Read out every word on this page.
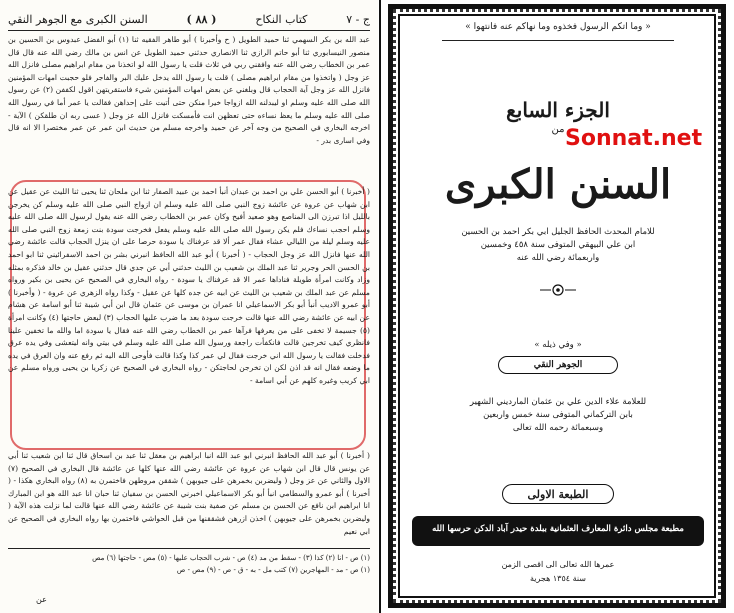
ج - ٧
كتاب النكاح
( ٨٨ )
السنن الكبرى مع الجوهر النقي

عبد الله بن بكر السهمي ثنا حميد الطويل ( ح وأخبرنا ) أبو طاهر الفقيه ثنا (١) أبو الفضل عبدوس بن الحسين بن منصور النيسابوري ثنا أبو حاتم الرازي ثنا الانصاري حدثني حميد الطويل عن انس بن مالك رضي الله عنه قال قال عمر بن الخطاب رضي الله عنه وافقني ربي في ثلاث قلت يا رسول الله لو اتخذنا من مقام ابراهيم مصلى فانزل الله عز وجل ( واتخذوا من مقام ابراهيم مصلى ) قلت يا رسول الله يدخل عليك البر والفاجر فلو حجبت امهات المؤمنين فانزل الله عز وجل آية الحجاب قال وبلغني عن بعض امهات المؤمنين شيء فاستقريتهن اقول لكففن (٢) عن رسول الله صلى الله عليه وسلم او ليبدلنه الله ازواجا خيرا منكن حتى أتيت على إحداهن فقالت يا عمر أما في رسول الله صلى الله عليه وسلم ما يعظ نساءه حتى تعظهن انت فأمسكت فانزل الله عز وجل ( عسى ربه ان طلقكن ) الآية - اخرجه البخاري في الصحيح من وجه آخر عن حميد واخرجه مسلم من حديث ابن عمر عن عمر مختصرا الا انه قال وفي اسارى بدر -

( أخبرنا ) أبو الحسن علي بن احمد بن عبدان أنبأ احمد بن عبيد الصفار ثنا ابن ملحان ثنا يحيى ثنا الليث عن عقيل عن ابن شهاب عن عروة عن عائشة زوج النبي صلى الله عليه وسلم ان ازواج النبي صلى الله عليه وسلم كن يخرجن بالليل اذا تبرزن الى المناصع وهو صعيد أفيح وكان عمر بن الخطاب رضي الله عنه يقول لرسول الله صلى الله عليه وسلم احجب نساءك فلم يكن رسول الله صلى الله عليه وسلم يفعل فخرجت سودة بنت زمعة زوج النبي صلى الله عليه وسلم ليلة من الليالي عشاء فقال عمر ألا قد عرفناك يا سودة حرصا على ان ينزل الحجاب قالت عائشة رضي الله عنها فانزل الله عز وجل الحجاب - ( أخبرنا ) أبو عبد الله الحافظ انبرني بشر بن احمد الاسفرائيني ثنا ابو احمد بن الحسن الحر وجرير ثنا عبد الملك بن شعيب بن الليث حدثني أبي عن جدي قال حدثني عقيل بن خالد فذكره بمثله وزاد وكانت امرأة طويلة فناداها عمر الا قد عرفناك يا سودة - رواه البخاري في الصحيح عن يحيى بن بكير ورواه مسلم عن عبد الملك بن شعيب بن الليث عن ابيه عن جده كلها عن عقيل - وكذا رواه الزهري عن عروة - ( وأخبرنا ) أبو عمرو الاديب أنبأ أبو بكر الاسماعيلي انا عمران بن موسى عن عثمان قال ابن أبي شيبة ثنا أبو اسامة عن هشام عن ابيه عن عائشة رضي الله عنها قالت خرجت سودة بعد ما ضرب عليها الحجاب (٣) لبعض حاجتها (٤) وكانت امرأة (٥) جسيمة لا تخفى على من يعرفها فرآها عمر بن الخطاب رضي الله عنه فقال يا سودة اما والله ما تخفين علينا فانظري كيف تخرجين قالت فانكفأت راجعة ورسول الله صلى الله عليه وسلم في بيتي وانه ليتعشى وفي يده عرق فدخلت فقالت يا رسول الله اني خرجت فقال لي عمر كذا وكذا قالت فأوحى الله اليه ثم رفع عنه وان العرق في يده ما وضعه فقال انه قد اذن لكن ان تخرجن لحاجتكن - رواه البخاري في الصحيح عن زكريا بن يحيى ورواه مسلم عن ابي كريب وغيره كلهم عن أبي اسامة -

( أخبرنا ) أبو عبد الله الحافظ انبرني ابو عبد الله انبا ابراهيم بن معقل ثنا عبد بن اسحاق قال ثنا ابن شعيب ثنا أبي عن يونس قال قال ابن شهاب عن عروة عن عائشة رضي الله عنها كلها عن عائشة قال البخاري في الصحيح (٧) الاول والثاني عن عز وجل ( وليضربن بخمرهن على جيوبهن ) شققن مروطهن فاختمرن به (٨) رواه البخاري هكذا - ( أخبرنا ) أبو عمرو والسطامي انبأ أبو بكر الاسماعيلي اخبرني الحسن بن سفيان ثنا حبان انا عبد الله هو ابن المبارك انا ابراهيم ابن نافع عن الحسن بن مسلم عن صفية بنت شيبة عن عائشة رضي الله عنها قالت لما نزلت هذه الآية ( وليضربن بخمرهن على جيوبهن ) اخذن ازرهن فشققنها من قبل الحواشي فاختمرن بها رواه البخاري في الصحيح عن ابي نعيم

(١) ص - انا (٢) كذا (٣) - سقط من مد (٤) ص - شرب الحجاب عليها - (٥) مص - حاجتها (٦) مص
(١) ص - مد - المهاجرين (٧) كتب مل - به - ق - ص - (٩) مص - ص
عن
« وما اتكم الرسول فخذوه وما نهاكم عنه فانتهوا »
الجزء السابع
من
السنن الكبرى
للامام المحدث الحافظ الجليل ابي بكر احمد بن الحسين
ابن علي البيهقي المتوفى سنة ٤٥٨ وخمسين
واربعمائة رضي الله عنه
« وفي ذيله »
الجوهر النقي
للعلامة علاء الدين علي بن عثمان المارديني الشهير
بابن التركماني المتوفى سنة خمس واربعين
وسبعمائة رحمه الله تعالى
الطبعة الاولى
مطبعة مجلس دائرة المعارف العثمانية ببلدة حيدر آباد الدكن حرسها الله
عمرها الله تعالى الى اقصى الزمن
سنة ١٣٥٤ هجرية
Sonnat.net
